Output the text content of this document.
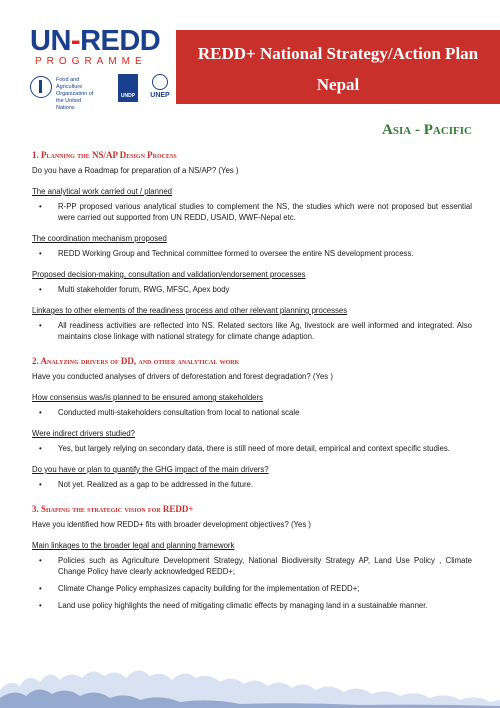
UN-REDD
PROGRAMME
Food and Agriculture Organization of the United Nations
UNDP	UNEP
REDD+ National Strategy/Action Plan
Nepal
Asia - Pacific
1. Planning the NS/AP Design Process
Do you have a Roadmap for preparation of a NS/AP? (Yes )
The analytical work carried out / planned
• R-PP proposed various analytical studies to complement the NS, the studies which were not proposed but essential were carried out supported from UN REDD, USAID, WWF-Nepal etc.
The coordination mechanism proposed
• REDD Working Group and Technical committee formed to oversee the entire NS development process.
Proposed decision-making, consultation and validation/endorsement processes
• Multi stakeholder forum, RWG, MFSC, Apex body
Linkages to other elements of the readiness process and other relevant planning processes
• All readiness activities are reflected into NS. Related sectors like Ag, livestock are well informed and integrated. Also maintains close linkage with national strategy for climate change adaption.
2. Analyzing drivers of DD, and other analytical work
Have you conducted analyses of drivers of deforestation and forest degradation? (Yes )
How consensus was/is planned to be ensured among stakeholders
• Conducted multi-stakeholders consultation from local to national scale
Were indirect drivers studied?
• Yes, but largely relying on secondary data, there is still need of more detail, empirical and context specific studies.
Do you have or plan to quantify the GHG impact of the main drivers?
• Not yet. Realized as a gap to be addressed in the future.
3. Shaping the strategic vision for REDD+
Have you identified how REDD+ fits with broader development objectives? (Yes )
Main linkages to the broader legal and planning framework
• Policies such as Agriculture Development Strategy, National Biodiversity Strategy AP, Land Use Policy , Climate Change Policy have clearly acknowledged REDD+;
• Climate Change Policy emphasizes capacity building for the implementation of REDD+;
• Land use policy highlights the need of mitigating climatic effects by managing land in a sustainable manner.
